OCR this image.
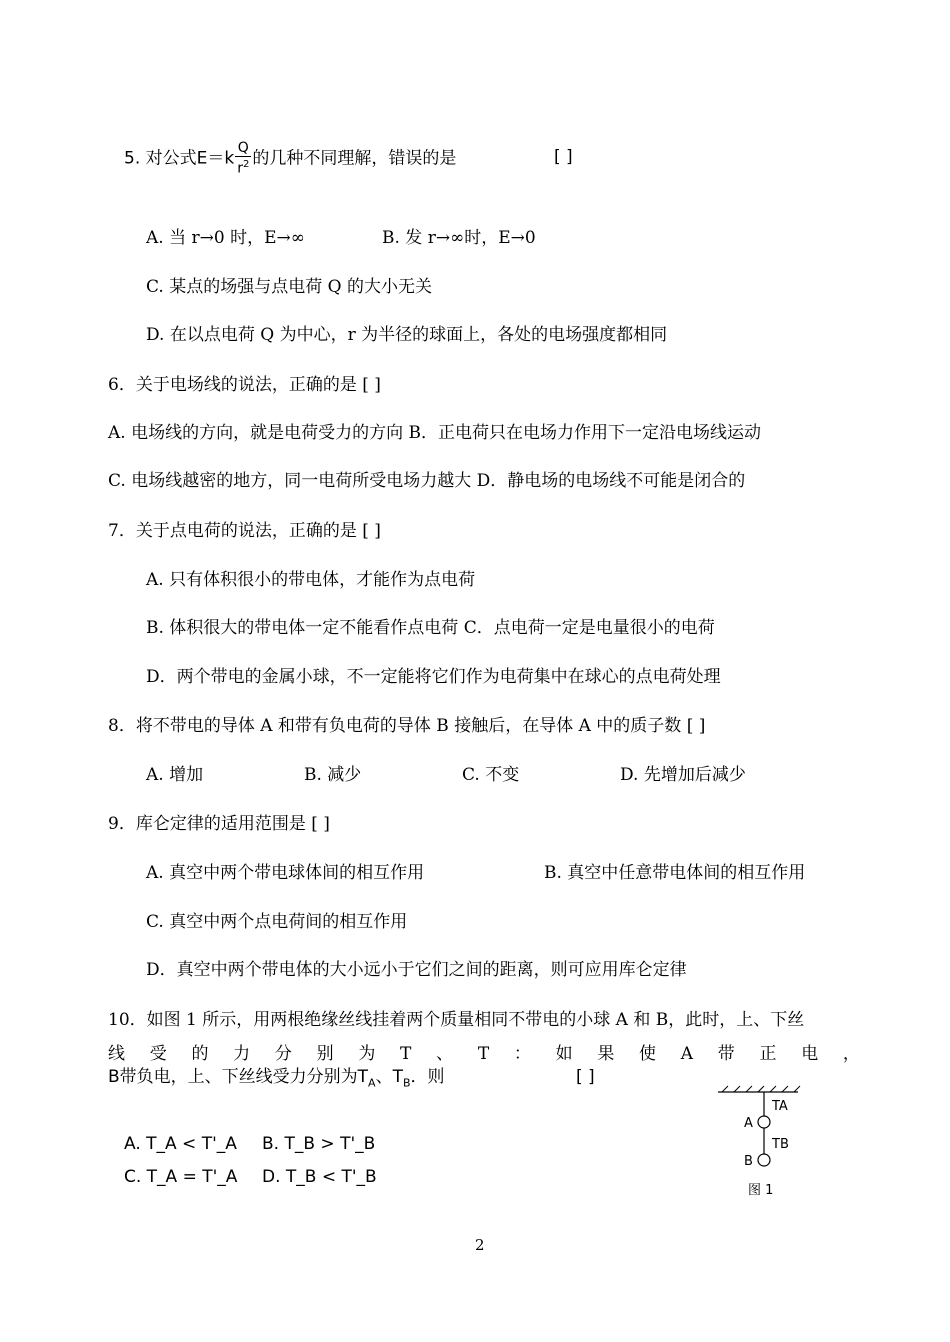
5. 对公式$E=k \frac{Q}{r^2}$ 的几种不同理解，错误的是	[ ]
A. 当 r→0 时，E→∞	B. 发 r→∞时，E→0
C. 某点的场强与点电荷 Q 的大小无关
D. 在以点电荷 Q 为中心，r 为半径的球面上，各处的电场强度都相同
6．关于电场线的说法，正确的是 [ ]
A. 电场线的方向，就是电荷受力的方向 B．正电荷只在电场力作用下一定沿电场线运动
C. 电场线越密的地方，同一电荷所受电场力越大 D．静电场的电场线不可能是闭合的
7．关于点电荷的说法，正确的是 [ ]
A. 只有体积很小的带电体，才能作为点电荷
B. 体积很大的带电体一定不能看作点电荷 C．点电荷一定是电量很小的电荷
D．两个带电的金属小球，不一定能将它们作为电荷集中在球心的点电荷处理
8．将不带电的导体 A 和带有负电荷的导体 B 接触后，在导体 A 中的质子数 [ ]
A. 增加	B. 减少	C. 不变	D. 先增加后减少
9．库仑定律的适用范围是 [ ]
A. 真空中两个带电球体间的相互作用	B. 真空中任意带电体间的相互作用
C. 真空中两个点电荷间的相互作用
D．真空中两个带电体的大小远小于它们之间的距离，则可应用库仑定律
10．如图 1 所示，用两根绝缘丝线挂着两个质量相同不带电的小球 A 和 B，此时，上、下丝
线 受 的 力 分 别 为 T 、 T ： 如 果 使 A 带 正 电 ，
B带负电，上、下丝线受力分别为$T_A$、$T_B$．则	[ ]
A. T_A < T'_A B. T_B > T'_B
C. T_A = T'_A D. T_B < T'_B
TA
TB
A
B
图 1
2
